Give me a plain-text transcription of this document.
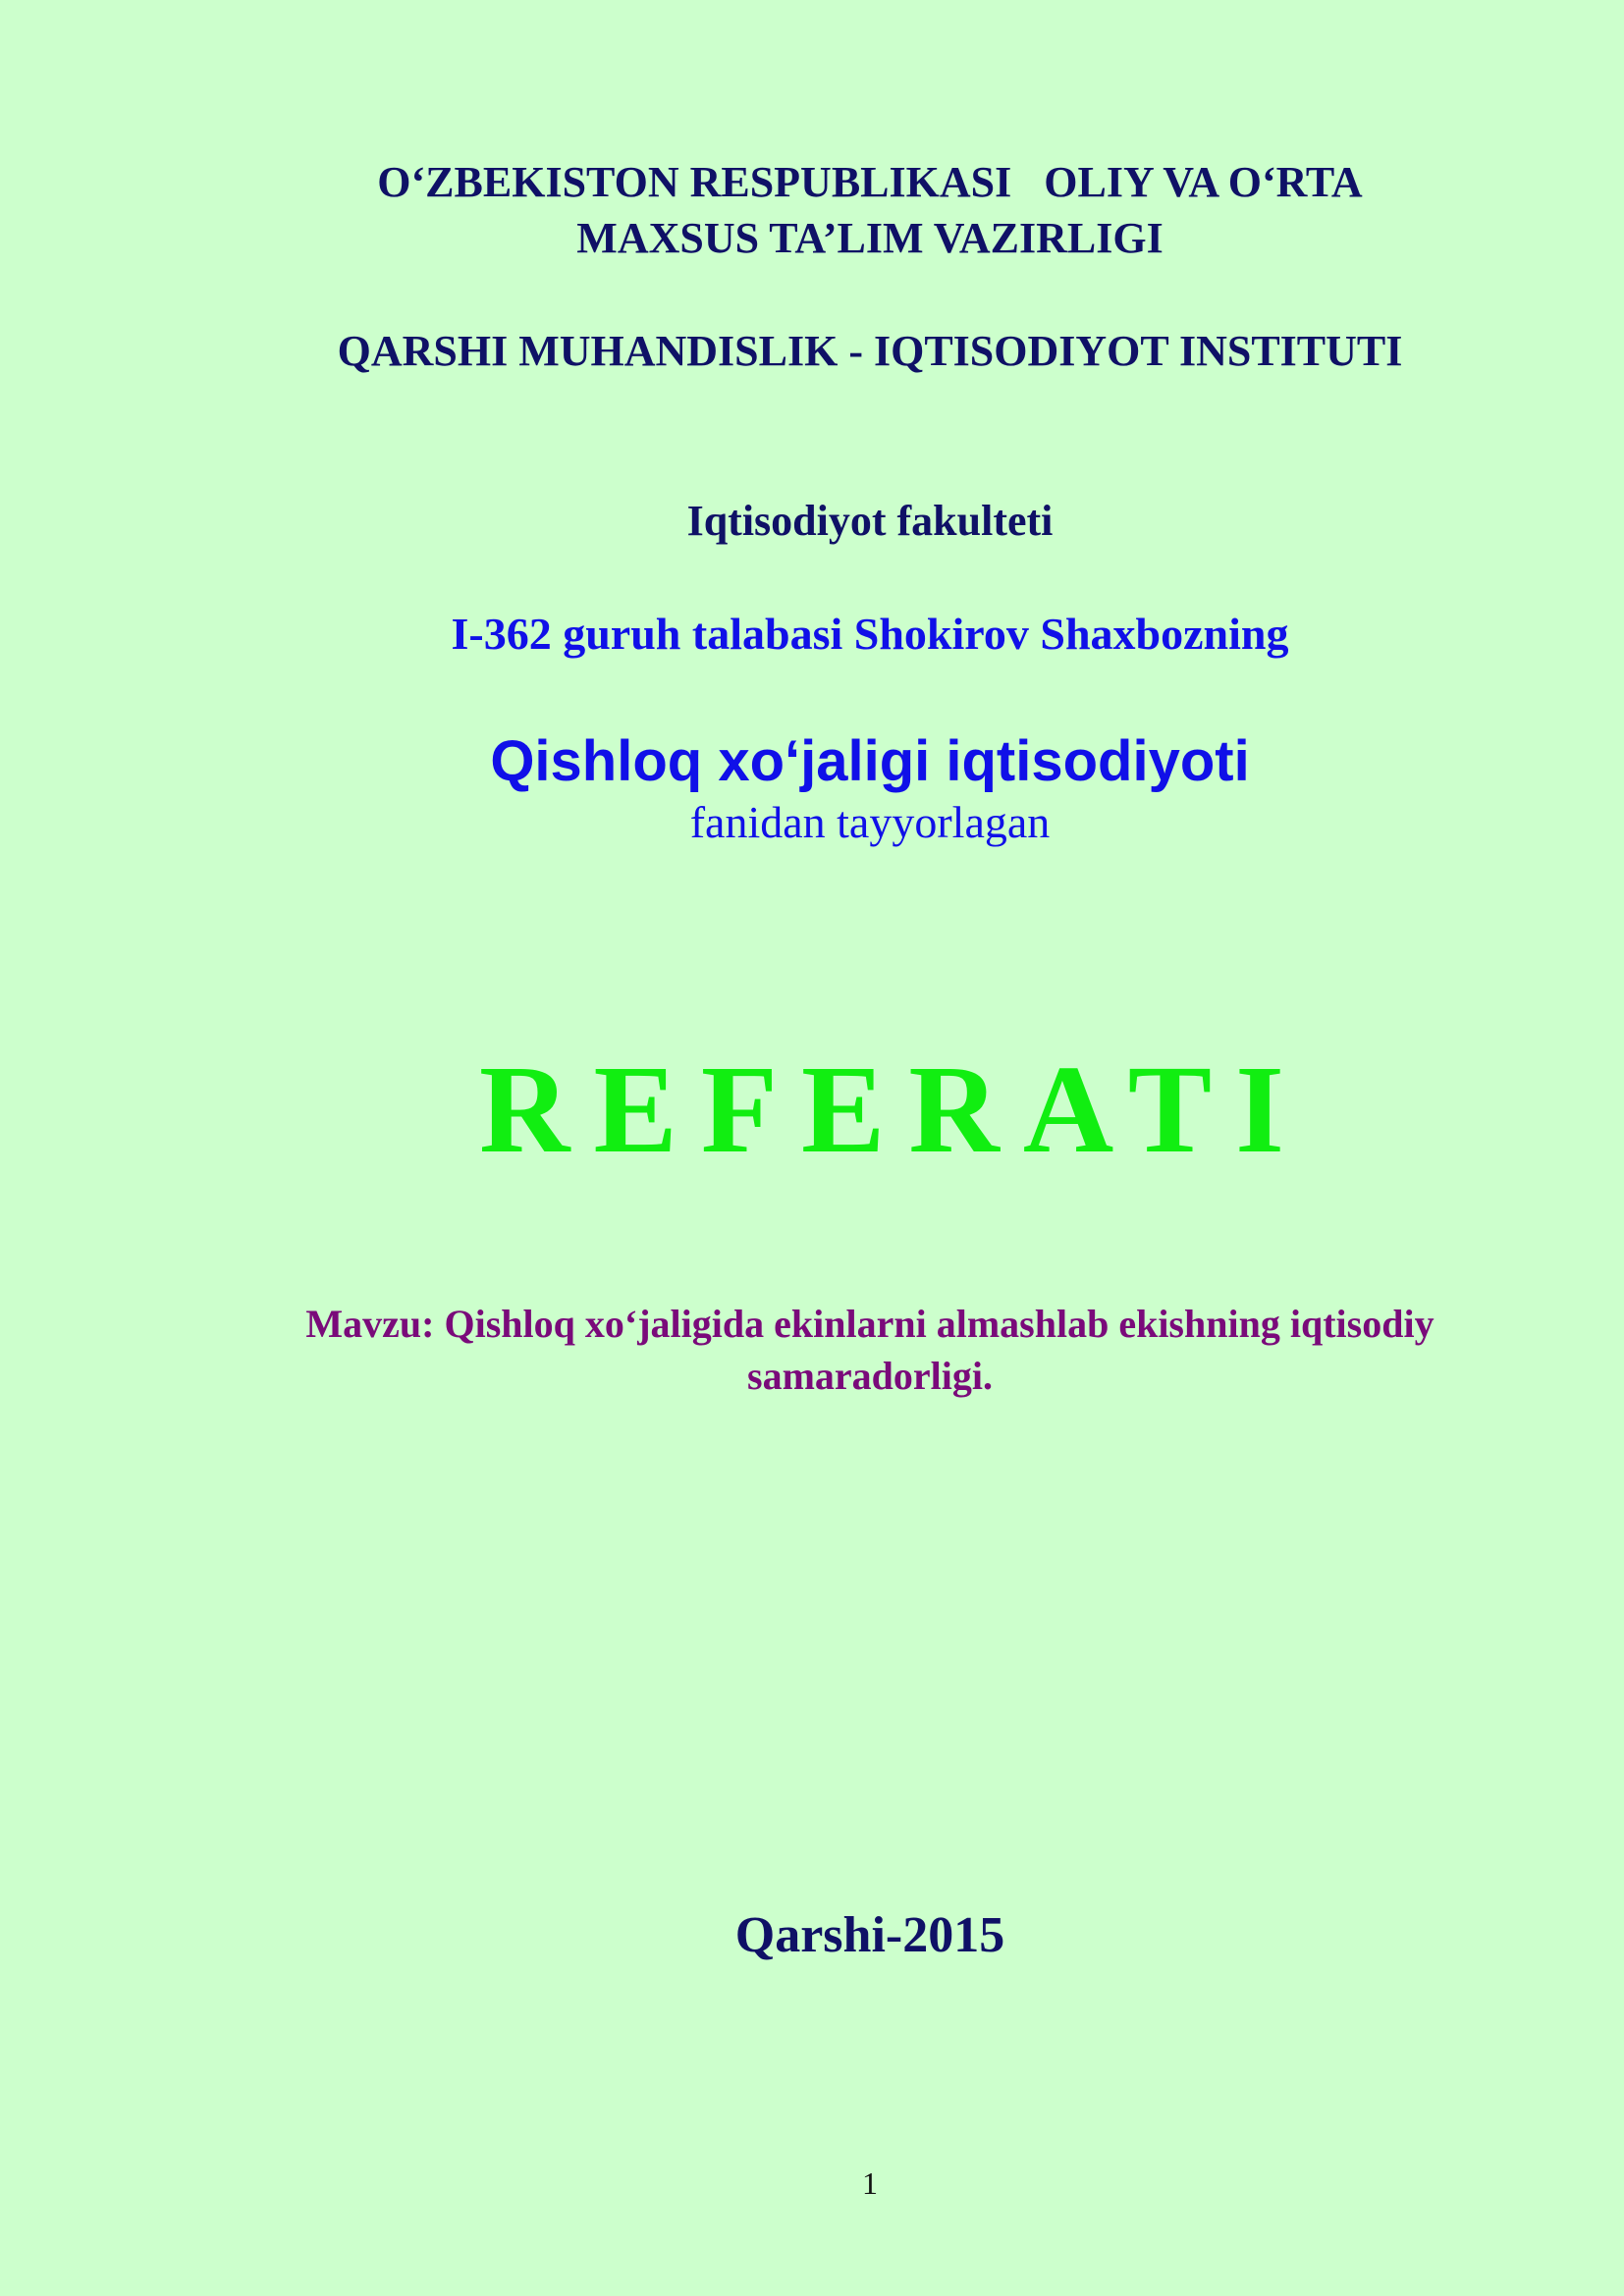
O‘ZBEKISTON RESPUBLIKASI   OLIY VA O‘RTA

MAXSUS TA’LIM VAZIRLIGI

QARSHI MUHANDISLIK - IQTISODIYOT INSTITUTI

Iqtisodiyot fakulteti

I-362 guruh talabasi Shokirov Shaxbozning

Qishloq xo‘jaligi iqtisodiyoti

fanidan tayyorlagan

REFERATI

Mavzu: Qishloq xo‘jaligida ekinlarni almashlab ekishning iqtisodiy

samaradorligi.

Qarshi-2015

1
